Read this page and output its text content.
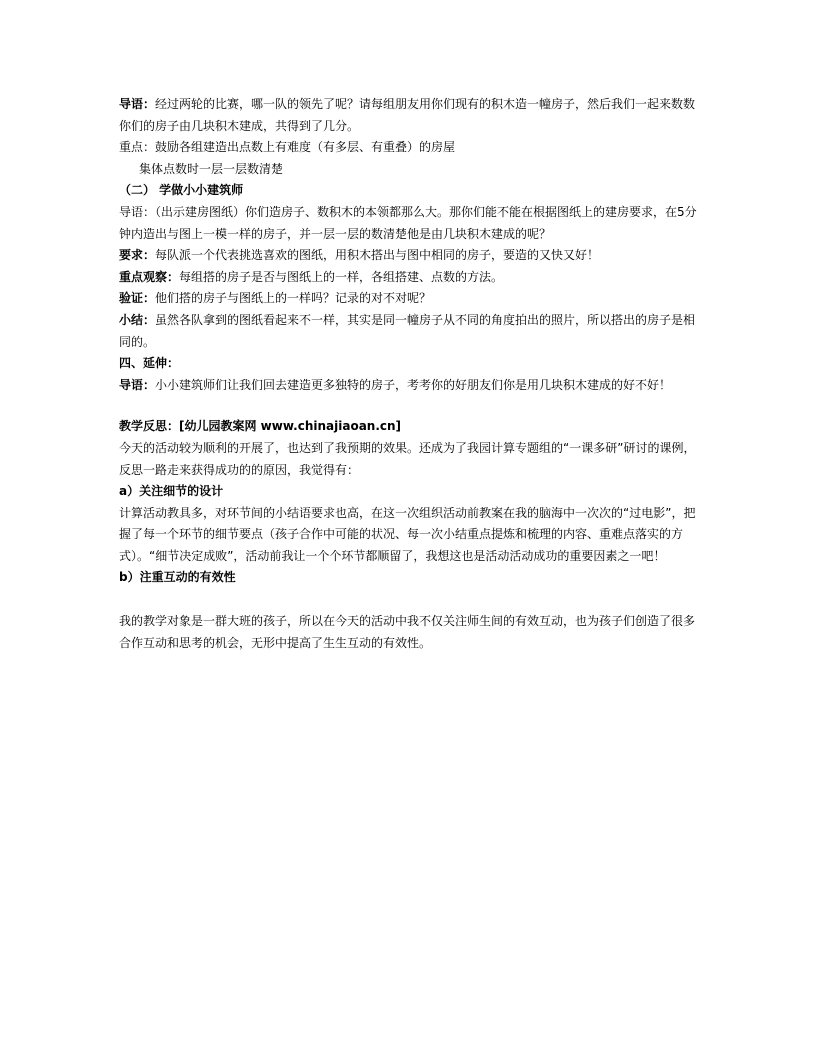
导语：经过两轮的比赛，哪一队的领先了呢？请每组朋友用你们现有的积木造一幢房子，然后我们一起来数数你们的房子由几块积木建成，共得到了几分。
重点：鼓励各组建造出点数上有难度（有多层、有重叠）的房屋
集体点数时一层一层数清楚
（二） 学做小小建筑师
导语：（出示建房图纸）你们造房子、数积木的本领都那么大。那你们能不能在根据图纸上的建房要求，在5分钟内造出与图上一模一样的房子，并一层一层的数清楚他是由几块积木建成的呢？
要求：每队派一个代表挑选喜欢的图纸，用积木搭出与图中相同的房子，要造的又快又好！
重点观察：每组搭的房子是否与图纸上的一样，各组搭建、点数的方法。
验证：他们搭的房子与图纸上的一样吗？记录的对不对呢？
小结：虽然各队拿到的图纸看起来不一样，其实是同一幢房子从不同的角度拍出的照片，所以搭出的房子是相同的。
四、延伸：
导语：小小建筑师们让我们回去建造更多独特的房子，考考你的好朋友们你是用几块积木建成的好不好！
教学反思：[幼儿园教案网 www.chinajiaoan.cn]
今天的活动较为顺利的开展了，也达到了我预期的效果。还成为了我园计算专题组的“一课多研”研讨的课例，反思一路走来获得成功的的原因，我觉得有：
a）关注细节的设计
计算活动教具多，对环节间的小结语要求也高，在这一次组织活动前教案在我的脑海中一次次的“过电影”，把握了每一个环节的细节要点（孩子合作中可能的状况、每一次小结重点提炼和梳理的内容、重难点落实的方式）。“细节决定成败”，活动前我让一个个环节都顺留了，我想这也是活动活动成功的重要因素之一吧！
b）注重互动的有效性
我的教学对象是一群大班的孩子，所以在今天的活动中我不仅关注师生间的有效互动，也为孩子们创造了很多合作互动和思考的机会，无形中提高了生生互动的有效性。
